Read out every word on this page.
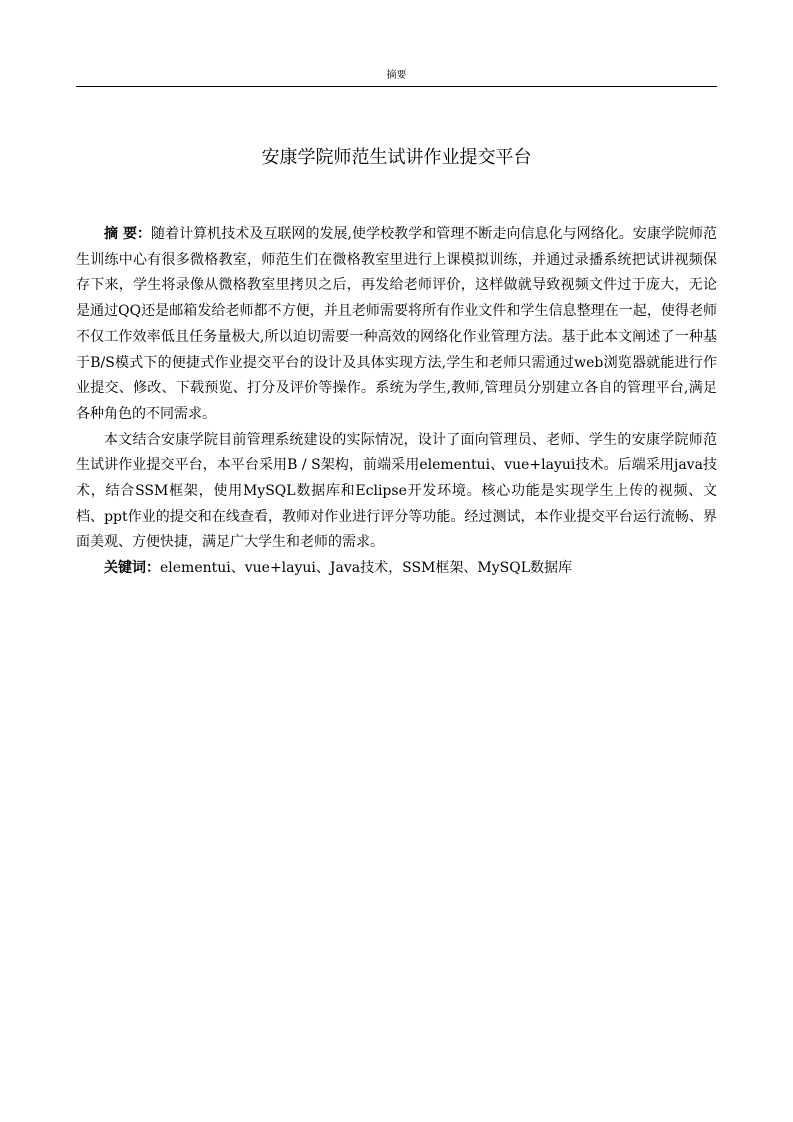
摘要
安康学院师范生试讲作业提交平台

摘 要：随着计算机技术及互联网的发展,使学校教学和管理不断走向信息化与网络化。安康学院师范生训练中心有很多微格教室，师范生们在微格教室里进行上课模拟训练，并通过录播系统把试讲视频保存下来，学生将录像从微格教室里拷贝之后，再发给老师评价，这样做就导致视频文件过于庞大，无论是通过QQ还是邮箱发给老师都不方便，并且老师需要将所有作业文件和学生信息整理在一起，使得老师不仅工作效率低且任务量极大,所以迫切需要一种高效的网络化作业管理方法。基于此本文阐述了一种基于B/S模式下的便捷式作业提交平台的设计及具体实现方法,学生和老师只需通过web浏览器就能进行作业提交、修改、下载预览、打分及评价等操作。系统为学生,教师,管理员分别建立各自的管理平台,满足各种角色的不同需求。

本文结合安康学院目前管理系统建设的实际情况，设计了面向管理员、老师、学生的安康学院师范生试讲作业提交平台，本平台采用B / S架构，前端采用elementui、vue+layui技术。后端采用java技术，结合SSM框架，使用MySQL数据库和Eclipse开发环境。核心功能是实现学生上传的视频、文档、ppt作业的提交和在线查看，教师对作业进行评分等功能。经过测试，本作业提交平台运行流畅、界面美观、方便快捷，满足广大学生和老师的需求。

关键词：elementui、vue+layui、Java技术，SSM框架、MySQL数据库
